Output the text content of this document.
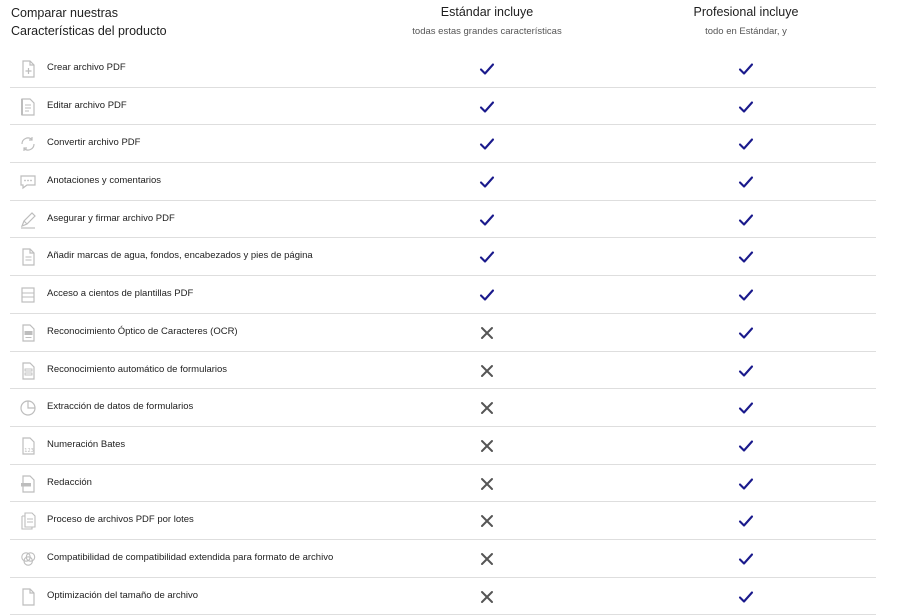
Comparar nuestras
Características del producto
Estándar incluye
todas estas grandes características
Profesional incluye
todo en Estándar, y
Crear archivo PDF
Editar archivo PDF
Convertir archivo PDF
Anotaciones y comentarios
Asegurar y firmar archivo PDF
Añadir marcas de agua, fondos, encabezados y pies de página
Acceso a cientos de plantillas PDF
Reconocimiento Óptico de Caracteres (OCR)
Reconocimiento automático de formularios
Extracción de datos de formularios
123
Numeración Bates
Redacción
Proceso de archivos PDF por lotes
Compatibilidad de compatibilidad extendida para formato de archivo
Optimización del tamaño de archivo
